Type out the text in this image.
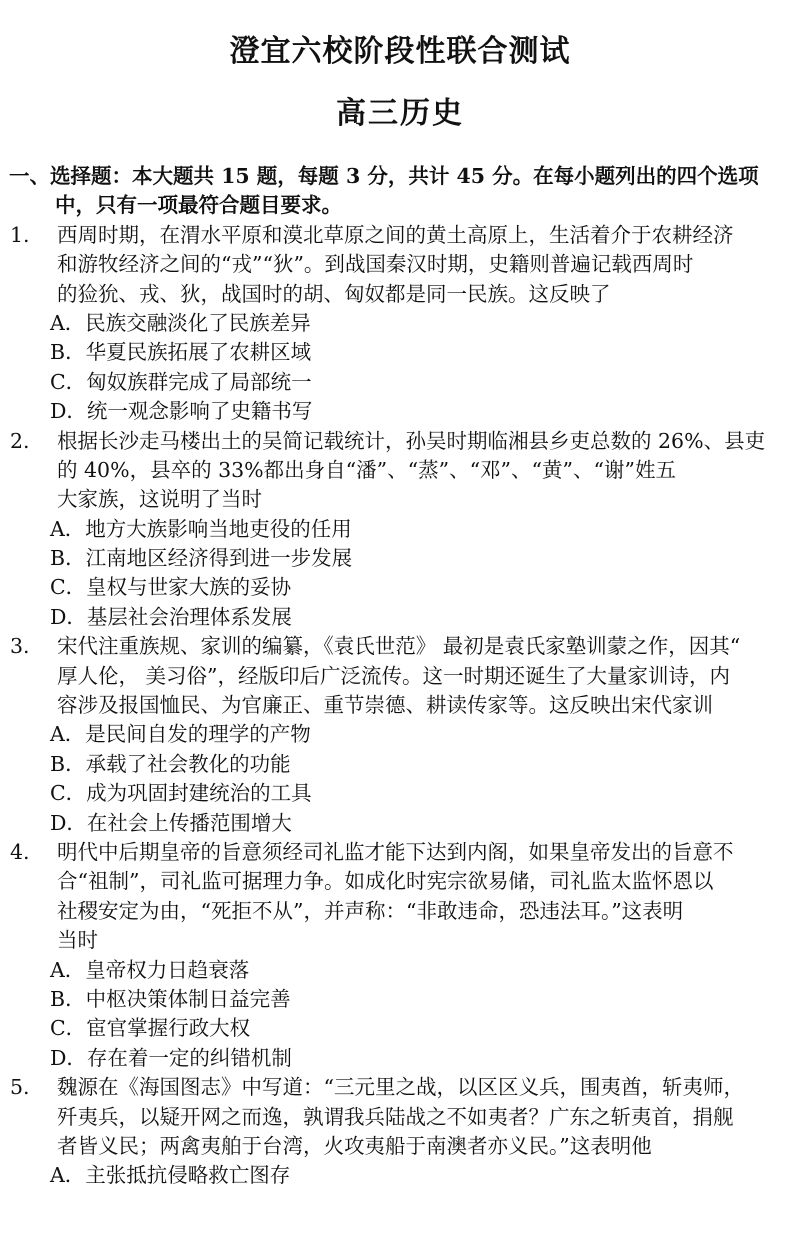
澄宜六校阶段性联合测试
高三历史
一、选择题：本大题共 15 题，每题 3 分，共计 45 分。在每小题列出的四个选项
中，只有一项最符合题目要求。
1. 西周时期，在渭水平原和漠北草原之间的黄土高原上，生活着介于农耕经济
和游牧经济之间的“戎”“狄”。到战国秦汉时期，史籍则普遍记载西周时
的猃狁、戎、狄，战国时的胡、匈奴都是同一民族。这反映了
A．民族交融淡化了民族差异
B．华夏民族拓展了农耕区域
C．匈奴族群完成了局部统一
D．统一观念影响了史籍书写
2. 根据长沙走马楼出土的吴简记载统计，孙吴时期临湘县乡吏总数的 26%、县吏
的 40%，县卒的 33%都出身自“潘”、“蒸”、“邓”、“黄”、“谢”姓五
大家族，这说明了当时
A．地方大族影响当地吏役的任用
B．江南地区经济得到进一步发展
C．皇权与世家大族的妥协
D．基层社会治理体系发展
3. 宋代注重族规、家训的编纂，《袁氏世范》 最初是袁氏家塾训蒙之作，因其“
厚人伦， 美习俗”，经版印后广泛流传。这一时期还诞生了大量家训诗，内
容涉及报国恤民、为官廉正、重节崇德、耕读传家等。这反映出宋代家训
A．是民间自发的理学的产物
B．承载了社会教化的功能
C．成为巩固封建统治的工具
D．在社会上传播范围增大
4. 明代中后期皇帝的旨意须经司礼监才能下达到内阁，如果皇帝发出的旨意不
合“祖制”，司礼监可据理力争。如成化时宪宗欲易储，司礼监太监怀恩以
社稷安定为由，“死拒不从”，并声称：“非敢违命，恐违法耳。”这表明
当时
A．皇帝权力日趋衰落
B．中枢决策体制日益完善
C．宦官掌握行政大权
D．存在着一定的纠错机制
5. 魏源在《海国图志》中写道：“三元里之战，以区区义兵，围夷酋，斩夷师，
歼夷兵，以疑开网之而逸，孰谓我兵陆战之不如夷者？广东之斩夷首，捐舰
者皆义民；两禽夷舶于台湾，火攻夷船于南澳者亦义民。”这表明他
A．主张抵抗侵略救亡图存
